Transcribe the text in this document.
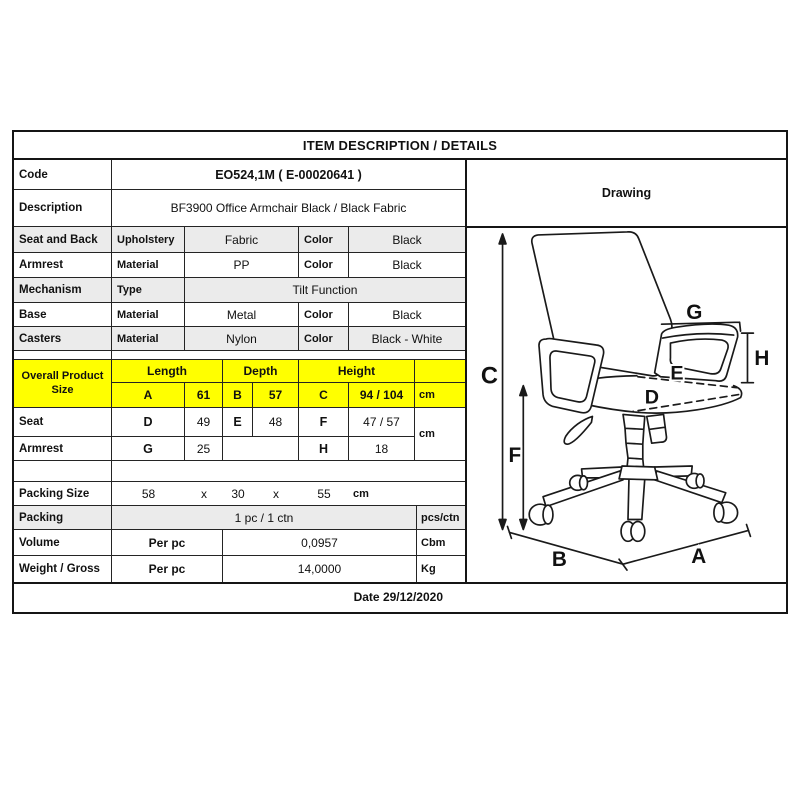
ITEM DESCRIPTION / DETAILS
Code	EO524,1M ( E-00020641 )
Description	BF3900 Office Armchair Black / Black Fabric
Seat and Back	Upholstery	Fabric	Color	Black
Armrest	Material	PP	Color	Black
Mechanism	Type	Tilt Function
Base	Material	Metal	Color	Black
Casters	Material	Nylon	Color	Black - White
Overall Product Size
Length	Depth	Height
A	61	B	57	C	94 / 104	cm
Seat	D	49	E	48	F	47 / 57
Armrest	G	25	H	18
cm
Packing Size	58	x	30	x	55	cm
Packing	1 pc / 1 ctn	pcs/ctn
Volume	Per pc	0,0957	Cbm
Weight / Gross	Per pc	14,0000	Kg
Drawing
C
F
G
H
E
D
B	A
Date 29/12/2020
